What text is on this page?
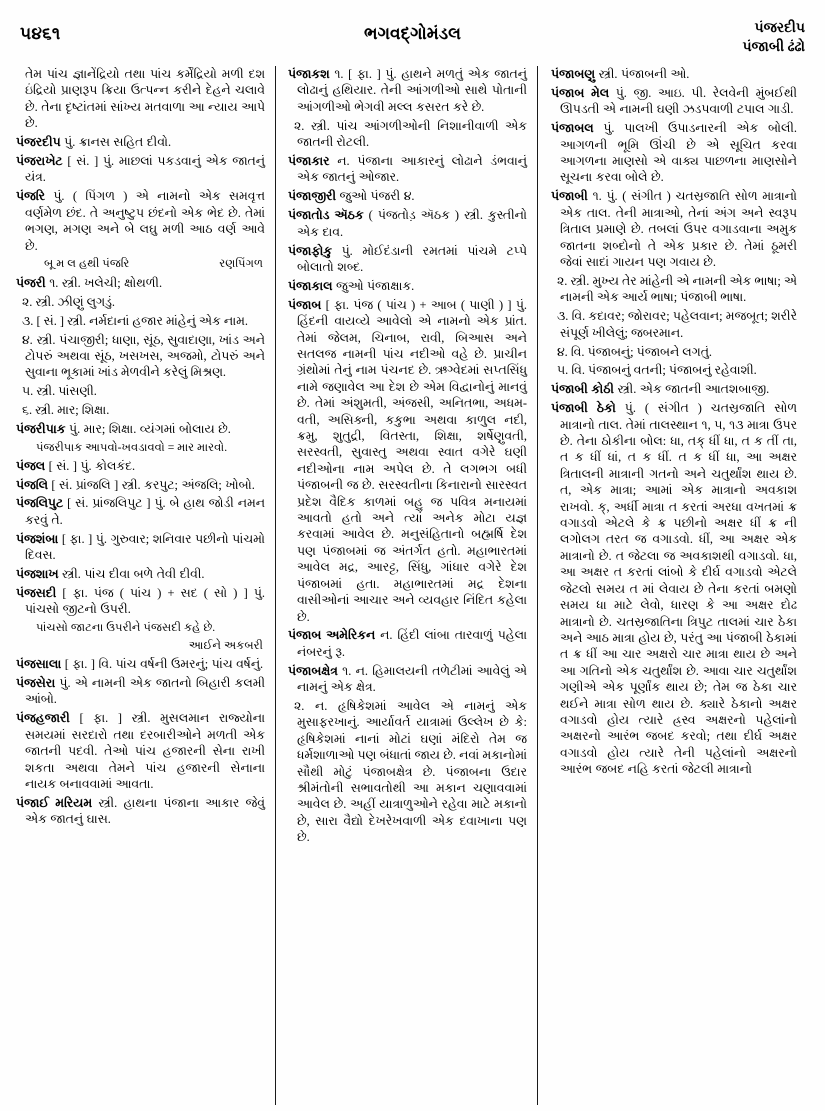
૫૪૬૧	ભગવદ્ગોમંડલ	પંજરદીપ
પંજાબી ઢંઢો
તેમ પાંચ જ્ઞાનેંદ્રિયો તથા પાંચ કર્મેંદ્રિયો મળી દશ ઇંદ્રિયો પ્રાણરૂપ ક્રિયા ઉત્પન્ન કરીને દેહને ચલાવે છે. તેના દૃષ્ટાંતમાં સાંખ્ય મતવાળા આ ન્યાય આપે છે.
પંજરદીપ પું. ક્રાનસ સહિત દીવો.
પંજરાખેટ [ સં. ] પું. માછલાં પકડવાનું એક જાતનું યંત્ર.
પંજરિ પું. ( પિંગળ ) એ નામનો એક સમવૃત્ત વર્ણમેળ છંદ. તે અનુષ્ટુપ છંદનો એક ભેદ છે. તેમાં ભગણ, મગણ અને બે લઘુ મળી આઠ વર્ણ આવે છે.
બૂ મ લ હથી પંજરિ	રણપિંગળ
પંજરી ૧. સ્ત્રી. ખલેચી; ક્ષોથળી.
૨. સ્ત્રી. ઝીણું લુગડું.
૩. [ સં. ] સ્ત્રી. નર્મદાનાં હજાર માંહેનું એક નામ.
૪. સ્ત્રી. પંચાજીરી; ધાણા, સૂંઠ, સુવાદાણા, ખાંડ અને ટોપરું અથવા સૂંઠ, ખસખસ, અજમો, ટોપરું અને સુવાના ભૂકામાં ખાંડ મેળવીને કરેલું મિશ્રણ.
૫. સ્ત્રી. પાંસણી.
૬. સ્ત્રી. માર; શિક્ષા.
પંજરીપાક પું. માર; શિક્ષા. વ્યંગમાં બોલાય છે.
પંજરીપાક આપવો-ખવડાવવો = માર મારવો.
પંજલ [ સં. ] પું. કોલકંદ.
પંજલિ [ સં. પ્રાંજલિ ] સ્ત્રી. કરપુટ; અંજલિ; ખોબો.
પંજલિપુટ [ સં. પ્રાંજલિપુટ ] પું. બે હાથ જોડી નમન કરવું તે.
પંજશંબા [ ફા. ] પું. ગુરુવાર; શનિવાર પછીનો પાંચમો દિવસ.
પંજશાખ સ્ત્રી. પાંચ દીવા બળે તેવી દીવી.
પંજસદી [ ફા. પંજ ( પાંચ ) + સદ ( સો ) ] પું. પાંચસો જીટનો ઉપરી.
પાંચસો જાટના ઉપરીને પંજસદી કહે છે.
આઈને અકબરી
પંજસાલા [ ફા. ] વિ. પાંચ વર્ષની ઉમરનું; પાંચ વર્ષનું.
પંજસેરા પું. એ નામની એક જાતનો બિહારી કલમી આંબો.
પંજહજારી [ ફા. ] સ્ત્રી. મુસલમાન રાજ્યોના સમયમાં સરદારો તથા દરબારીઓને મળતી એક જાતની પદવી. તેઓ પાંચ હજારની સેના રાખી શકતા અથવા તેમને પાંચ હજારની સેનાના નાયક બનાવવામાં આવતા.
પંજાઈ મરિયમ સ્ત્રી. હાથના પંજાના આકાર જેવું એક જાતનું ઘાસ.
પંજાકશ ૧. [ ફા. ] પું. હાથને મળતું એક જાતનું લોઢાનું હથિયાર. તેની આંગળીઓ સાથે પોતાની આંગળીઓ ભેગવી મલ્લ કસરત કરે છે.
૨. સ્ત્રી. પાંચ આંગળીઓની નિશાનીવાળી એક જાતની રોટલી.
પંજાકાર ન. પંજાના આકારનું લોઢાને ડંભવાનું એક જાતનું ઓજાર.
પંજાજીરી જુઓ પંજરી ૪.
પંજાતોડ ઍઠક ( પંજતોડ઼ ઍઠક ) સ્ત્રી. કુસ્તીનો એક દાવ.
પંજાફોકુ પું. મોઈદંડાની રમતમાં પાંચમે ટપ્પે બોલાતો શબ્દ.
પંજાકાલ જુઓ પંજાક્ષાક.
પંજાબ [ ફા. પંજ ( પાંચ ) + આબ ( પાણી ) ] પું. હિંદની વાયવ્યે આવેલો એ નામનો એક પ્રાંત. તેમાં જેલમ, ચિનાબ, રાવી, બિઆસ અને સતલજ નામની પાંચ નદીઓ વહે છે. પ્રાચીન ગ્રંથોમાં તેનું નામ પંચનદ છે. ઋગ્વેદમાં સપ્તસિંધુ નામે જણાવેલ આ દેશ છે એમ વિદ્વાનોનું માનવું છે. તેમાં અંશુમતી, અંજસી, અનિતભા, અધમ-વતી, અસિક્ની, કકુભા અથવા કાળુલ નદી, ક્રમુ, શુતુદ્રી, વિતસ્તા, શિક્ષા, શર્ષેણુવતી, સરસ્વતી, સુવાસ્તુ અથવા સ્વાત વગેરે ઘણી નદીઓના નામ અપેલ છે. તે લગભગ બધી પંજાબની જ છે. સરસ્વતીના કિનારાનો સારસ્વત પ્રદેશ વૈદિક કાળમાં બહુ જ પવિત્ર મનાયમાં આવતો હતો અને ત્યાં અનેક મોટા યજ્ઞ કરવામાં આવેલ છે. મનુસંહિતાનો બહ્મર્ષિ દેશ પણ પંજાબમાં જ અંતર્ગત હતો. મહાભારતમાં આવેલ મદ્ર, આરટ્ટ, સિંધુ, ગાંધાર વગેરે દેશ પંજાબમાં હતા. મહાભારતમાં મદ્ર દેશના વાસીઓનાં આચાર અને વ્યવહાર નિંદિત કહેલા છે.
પંજાબ અમેરિકન ન. હિંદી લાંબા તારવાળું પહેલા નંબરનું રૂ.
પંજાબક્ષેત્ર ૧. ન. હિમાલયની તળેટીમાં આવેલું એ નામનું એક ક્ષેત્ર.
૨. ન. હૃષિકેશમાં આવેલ એ નામનું એક મુસાફરખાનું. આર્યાવર્ત યાત્રામાં ઉલ્લેખ છે કે: હૃષિકેશમાં નાનાં મોટાં ઘણાં મંદિરો તેમ જ ધર્મશાળાઓ પણ બંધાતાં જાય છે. નવાં મકાનોમાં સૌથી મોટું પંજાબક્ષેત્ર છે. પંજાબના ઉદાર શ્રીમંતોની સભાવતોથી આ મકાન ચણાવવામાં આવેલ છે. અહીં યાત્રાળુઓને રહેવા માટે મકાનો છે, સારા વૈદ્યો દેખરેખવાળી એક દવાખાના પણ છે.
પંજાબણુ સ્ત્રી. પંજાબની ઓ.
પંજાબ મેલ પું. જી. આઇ. પી. રેલવેની મુંબઈથી ઊપડતી એ નામની ઘણી ઝડપવાળી ટપાલ ગાડી.
પંજાબલ પું. પાલખી ઉપાડનારની એક બોલી. આગળની ભૂમિ ઊંચી છે એ સૂચિત કરવા આગળના માણસો એ વાક્ય પાછળના માણસોને સૂચના કરવા બોલે છે.
પંજાબી ૧. પું. ( સંગીત ) ચતસ્રજાતિ સોળ માત્રાનો એક તાલ. તેની માત્રાઓ, તેનાં અંગ અને સ્વરૂપ ત્રિતાલ પ્રમાણે છે. તબલાં ઉપર વગાડવાના અમુક જાતના શબ્દોનો તે એક પ્રકાર છે. તેમાં ઠૂમરી જેવાં સાદાં ગાયન પણ ગવાય છે.
૨. સ્ત્રી. મુખ્ય તેર માંહેની એ નામની એક ભાષા; એ નામની એક આર્ય ભાષા; પંજાબી ભાષા.
૩. વિ. કદાવર; જોરાવર; પહેલવાન; મજબૂત; શરીરે સંપૂર્ણ ખીલેલું; જબરમાન.
૪. વિ. પંજાબનું; પંજાબને લગતું.
૫. વિ. પંજાબનું વતની; પંજાબનું રહેવાશી.
પંજાબી કોઠી સ્ત્રી. એક જાતની આતશબાજી.
પંજાબી ઠેકો પું. ( સંગીત ) ચતસ્રજાતિ સોળ માત્રાનો તાલ. તેમાં તાલસ્થાન ૧, ૫, ૧૩ માત્રા ઉપર છે. તેના ઠોકીના બોલ: ધા, તક્ ધીં ધા, ત ક તીં તા, ત ક ધીં ધાં, ત ક ધીં. ત ક ધીં ધા, આ અક્ષર ત્રિતાલની માત્રાની ગતનો અને ચતુર્થાંશ થાય છે. ત, એક માત્રા; આમાં એક માત્રાનો અવકાશ રાખવો. ક્, અર્ધી માત્રા ત કરતાં અરધા વખતમાં ક્ર વગાડવો એટલે કે ક્ર પછીનો અક્ષર ધીં ક્ર ની લગોલગ તરત જ વગાડવો. ધીં, આ અક્ષર એક માત્રાનો છે. ત જેટલા જ અવકાશથી વગાડવો. ધા, આ અક્ષર ત કરતાં લાંબો કે દીર્ઘ વગાડવો એટલે જેટલો સમય ત માં લેવાય છે તેના કરતાં બમણો સમય ધા માટે લેવો, ધારણ કે આ અક્ષર દોઢ માત્રાનો છે. ચતસ્રજાતિના ત્રિપુટ તાલમાં ચાર ઠેકા અને આઠ માત્રા હોય છે, પરંતુ આ પંજાબી ઠેકામાં ત ક્ર ધીં આ ચાર અક્ષરો ચાર માત્રા થાય છે અને આ ગતિનો એક ચતુર્થાંશ છે. આવા ચાર ચતુર્થાંશ ગણીએ એક પૂર્ણાંક થાય છે; તેમ જ ઠેકા ચાર થઈને માત્રા સોળ થાય છે. ક્યારે ઠેકાનો અક્ષર વગાડવો હોય ત્યારે હ્રસ્વ અક્ષરનો પહેલાંનો અક્ષરનો આરંભ જબદ કરવો; તથા દીર્ઘ અક્ષર વગાડવો હોય ત્યારે તેની પહેલાંનો અક્ષરનો આરંભ જબદ નહિ કરતાં જેટલી માત્રાનો
